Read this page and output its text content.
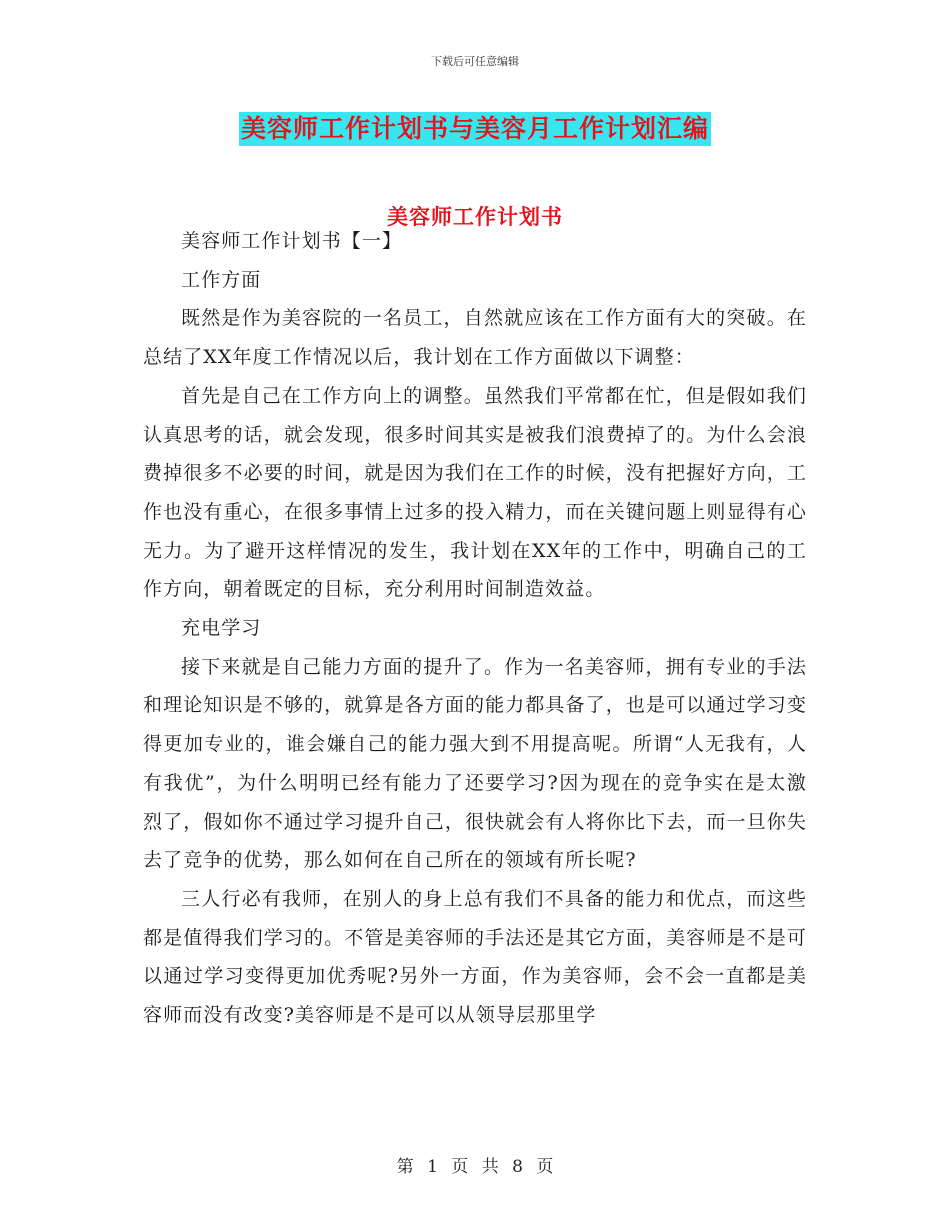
下载后可任意编辑
美容师工作计划书与美容月工作计划汇编
美容师工作计划书

美容师工作计划书【一】

工作方面

既然是作为美容院的一名员工，自然就应该在工作方面有大的突破。在总结了XX年度工作情况以后，我计划在工作方面做以下调整：

首先是自己在工作方向上的调整。虽然我们平常都在忙，但是假如我们认真思考的话，就会发现，很多时间其实是被我们浪费掉了的。为什么会浪费掉很多不必要的时间，就是因为我们在工作的时候，没有把握好方向，工作也没有重心，在很多事情上过多的投入精力，而在关键问题上则显得有心无力。为了避开这样情况的发生，我计划在XX年的工作中，明确自己的工作方向，朝着既定的目标，充分利用时间制造效益。

充电学习

接下来就是自己能力方面的提升了。作为一名美容师，拥有专业的手法和理论知识是不够的，就算是各方面的能力都具备了，也是可以通过学习变得更加专业的，谁会嫌自己的能力强大到不用提高呢。所谓“人无我有，人有我优”，为什么明明已经有能力了还要学习?因为现在的竞争实在是太激烈了，假如你不通过学习提升自己，很快就会有人将你比下去，而一旦你失去了竞争的优势，那么如何在自己所在的领域有所长呢?

三人行必有我师，在别人的身上总有我们不具备的能力和优点，而这些都是值得我们学习的。不管是美容师的手法还是其它方面，美容师是不是可以通过学习变得更加优秀呢?另外一方面，作为美容师，会不会一直都是美容师而没有改变?美容师是不是可以从领导层那里学

第 1 页 共 8 页
